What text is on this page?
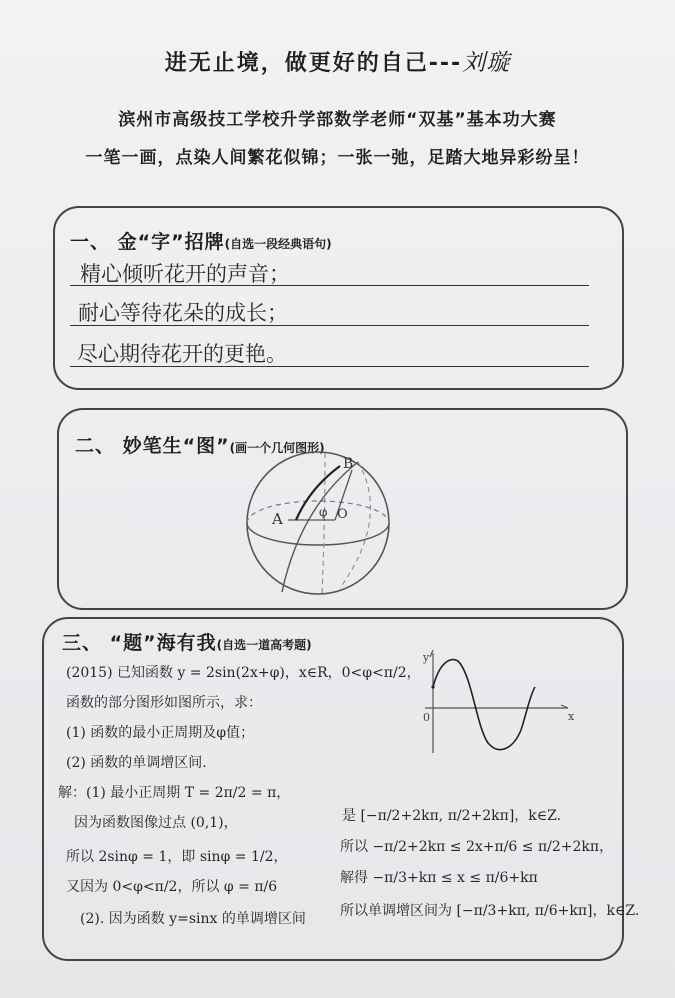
进无止境，做更好的自己---刘璇
滨州市高级技工学校升学部数学老师“双基”基本功大赛
一笔一画，点染人间繁花似锦；一张一弛，足踏大地异彩纷呈！
一、 金“字”招牌(自选一段经典语句)
精心倾听花开的声音；
耐心等待花朵的成长；
尽心期待花开的更艳。
二、 妙笔生“图”(画一个几何图形)
A
B
O
φ
三、 “题”海有我(自选一道高考题)
(2015) 已知函数 y = 2sin(2x+φ)，x∈R，0<φ<π/2，
函数的部分图形如图所示，求：
(1) 函数的最小正周期及φ值；
(2) 函数的单调增区间.
解：(1) 最小正周期 T = 2π/2 = π，
因为函数图像过点 (0,1)，
所以 2sinφ = 1，即 sinφ = 1/2，
又因为 0<φ<π/2，所以 φ = π/6
(2). 因为函数 y=sinx 的单调增区间
是 [−π/2+2kπ, π/2+2kπ]，k∈Z.
所以 −π/2+2kπ ≤ 2x+π/6 ≤ π/2+2kπ，
解得 −π/3+kπ ≤ x ≤ π/6+kπ
所以单调增区间为 [−π/3+kπ, π/6+kπ]，k∈Z.
y
x
0
